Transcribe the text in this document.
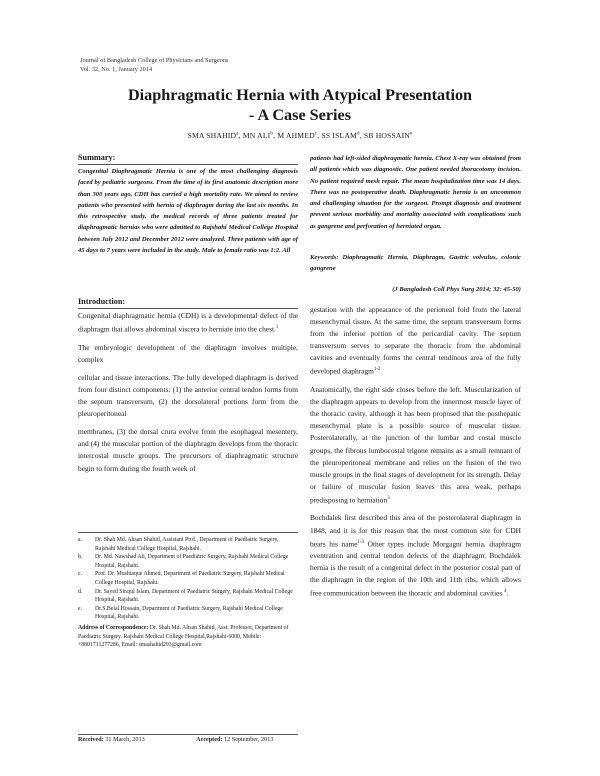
Journal of Bangladesh College of Physicians and Surgeons
Vol. 32, No. 1, January 2014
Diaphragmatic Hernia with Atypical Presentation
- A Case Series
SMA SHAHID$^a$, MN ALI$^b$, M AHMED$^c$, SS ISLAM$^d$, SB HOSSAIN$^e$
Summary:
Congenital Diaphragmatic Hernia is one of the most challenging diagnosis faced by pediatric surgeons. From the time of its first anatomic description more than 300 years ago, CDH has carried a high mortality rate. We aimed to review patients who presented with hernia of diaphragm during the last six months. In this retrospective study, the medical records of three patients treated for diaphragmatic hernias who were admitted to Rajshahi Medical College Hospital between July 2012 and December 2012 were analyzed. Three patients with age of 45 days to 7 years were included in the study. Male to female ratio was 1:2. All
patients had left-sided diaphragmatic hernia. Chest X-ray was obtained from all patients which was diagnostic. One patient needed thoracotomy incision. No patient required mesh repair. The mean hospitalization time was 14 days. There was no postoperative death. Diaphragmatic hernia is an uncommon and challenging situation for the surgeon. Prompt diagnosis and treatment prevent serious morbidity and mortality associated with complications such as gangrene and perforation of herniated organ.
Keywords: Diaphragmatic Hernia, Diaphragm, Gastric volvulus, colonic gangrene
(J Bangladesh Coll Phys Surg 2014; 32: 45-50)
Introduction:

Congenital diaphragmatic hernia (CDH) is a developmental defect of the diaphragm that allows abdominal viscera to herniate into the chest.$^1$

The embryologic development of the diaphragm involves multiple, complex

cellular and tissue interactions. The fully developed diaphragm is derived from four distinct components: (1) the anterior central tendon forms from the septum transversum, (2) the dorsolateral portions form from the pleuroperitoneal

membranes, (3) the dorsal crura evolve from the esophageal mesentery, and (4) the muscular portion of the diaphragm develops from the thoracic intercostal muscle groups. The precursors of diaphragmatic structure begin to form during the fourth week of

a. Dr. Shah Md. Ahsan Shahid, Assistant Prof., Department of Paediatric Surgery, Rajshahi Medical College Hospital, Rajshahi.
b. Dr. Md. Nawshad Ali, Department of Paediatric Surgery, Rajshahi Medical College Hospital, Rajshahi.
c. Prof. Dr. Mushtaque Ahmed, Department of Paediatric Surgery, Rajshahi Medical College Hospital, Rajshahi.
d. Dr. Sayed Sirajul Islam, Department of Paediatric Surgery, Rajshahi Medical College Hospital, Rajshahi.
e. Dr.S.Belal Hossain, Department of Paediatric Surgery, Rajshahi Medical College Hospital, Rajshahi.
Address of Correspondence: Dr. Shah Md. Ahsan Shahid, Asst. Professor, Department of Paediatric Surgery. Rajshahi Medical College Hospital,Rajshahi-6000, Mobile: +8801711277286, Email: smashahid293@gmail.com
Received: 31 March, 2013	Accepted: 12 September, 2013

gestation with the appearance of the perioneal fold from the lateral mesenchymal tissue. At the same time, the septum transversum forms from the inferior portion of the pericardial cavity. The septum transversum serves to separate the thoracic from the abdominal cavities and eventually forms the central tendinous area of the fully developed diaphragm$^{1-2}$

Anatomically, the right side closes before the left. Muscularization of the diaphragm appears to develop from the innermost muscle layer of the thoracic cavity, although it has been proposed that the posthepatic mesenchymal plate is a possible source of muscular tissue. Posterolaterally, at the junction of the lumbar and costal muscle groups, the fibrous lumbocostal trigone remains as a small remnant of the pleuroperitoneal membrane and relies on the fusion of the two muscle groups in the final stages of development for its strength. Delay or failure of muscular fusion leaves this area weak, perhaps predisposing to herniation$^3$

Bochdalek first described this area of the posterolateral diaphragm in 1848, and it is for this reason that the most common site for CDH bears his name$^{1-3}$ Other types include Morgagni hernia, diaphragm eventration and central tendon defects of the diaphragm. Bochdalek hernia is the result of a congenital defect in the posterior costal part of the diaphragm in the region of the 10th and 11th ribs, which allows free communication between the thoracic and abdominal cavities $^4$.
